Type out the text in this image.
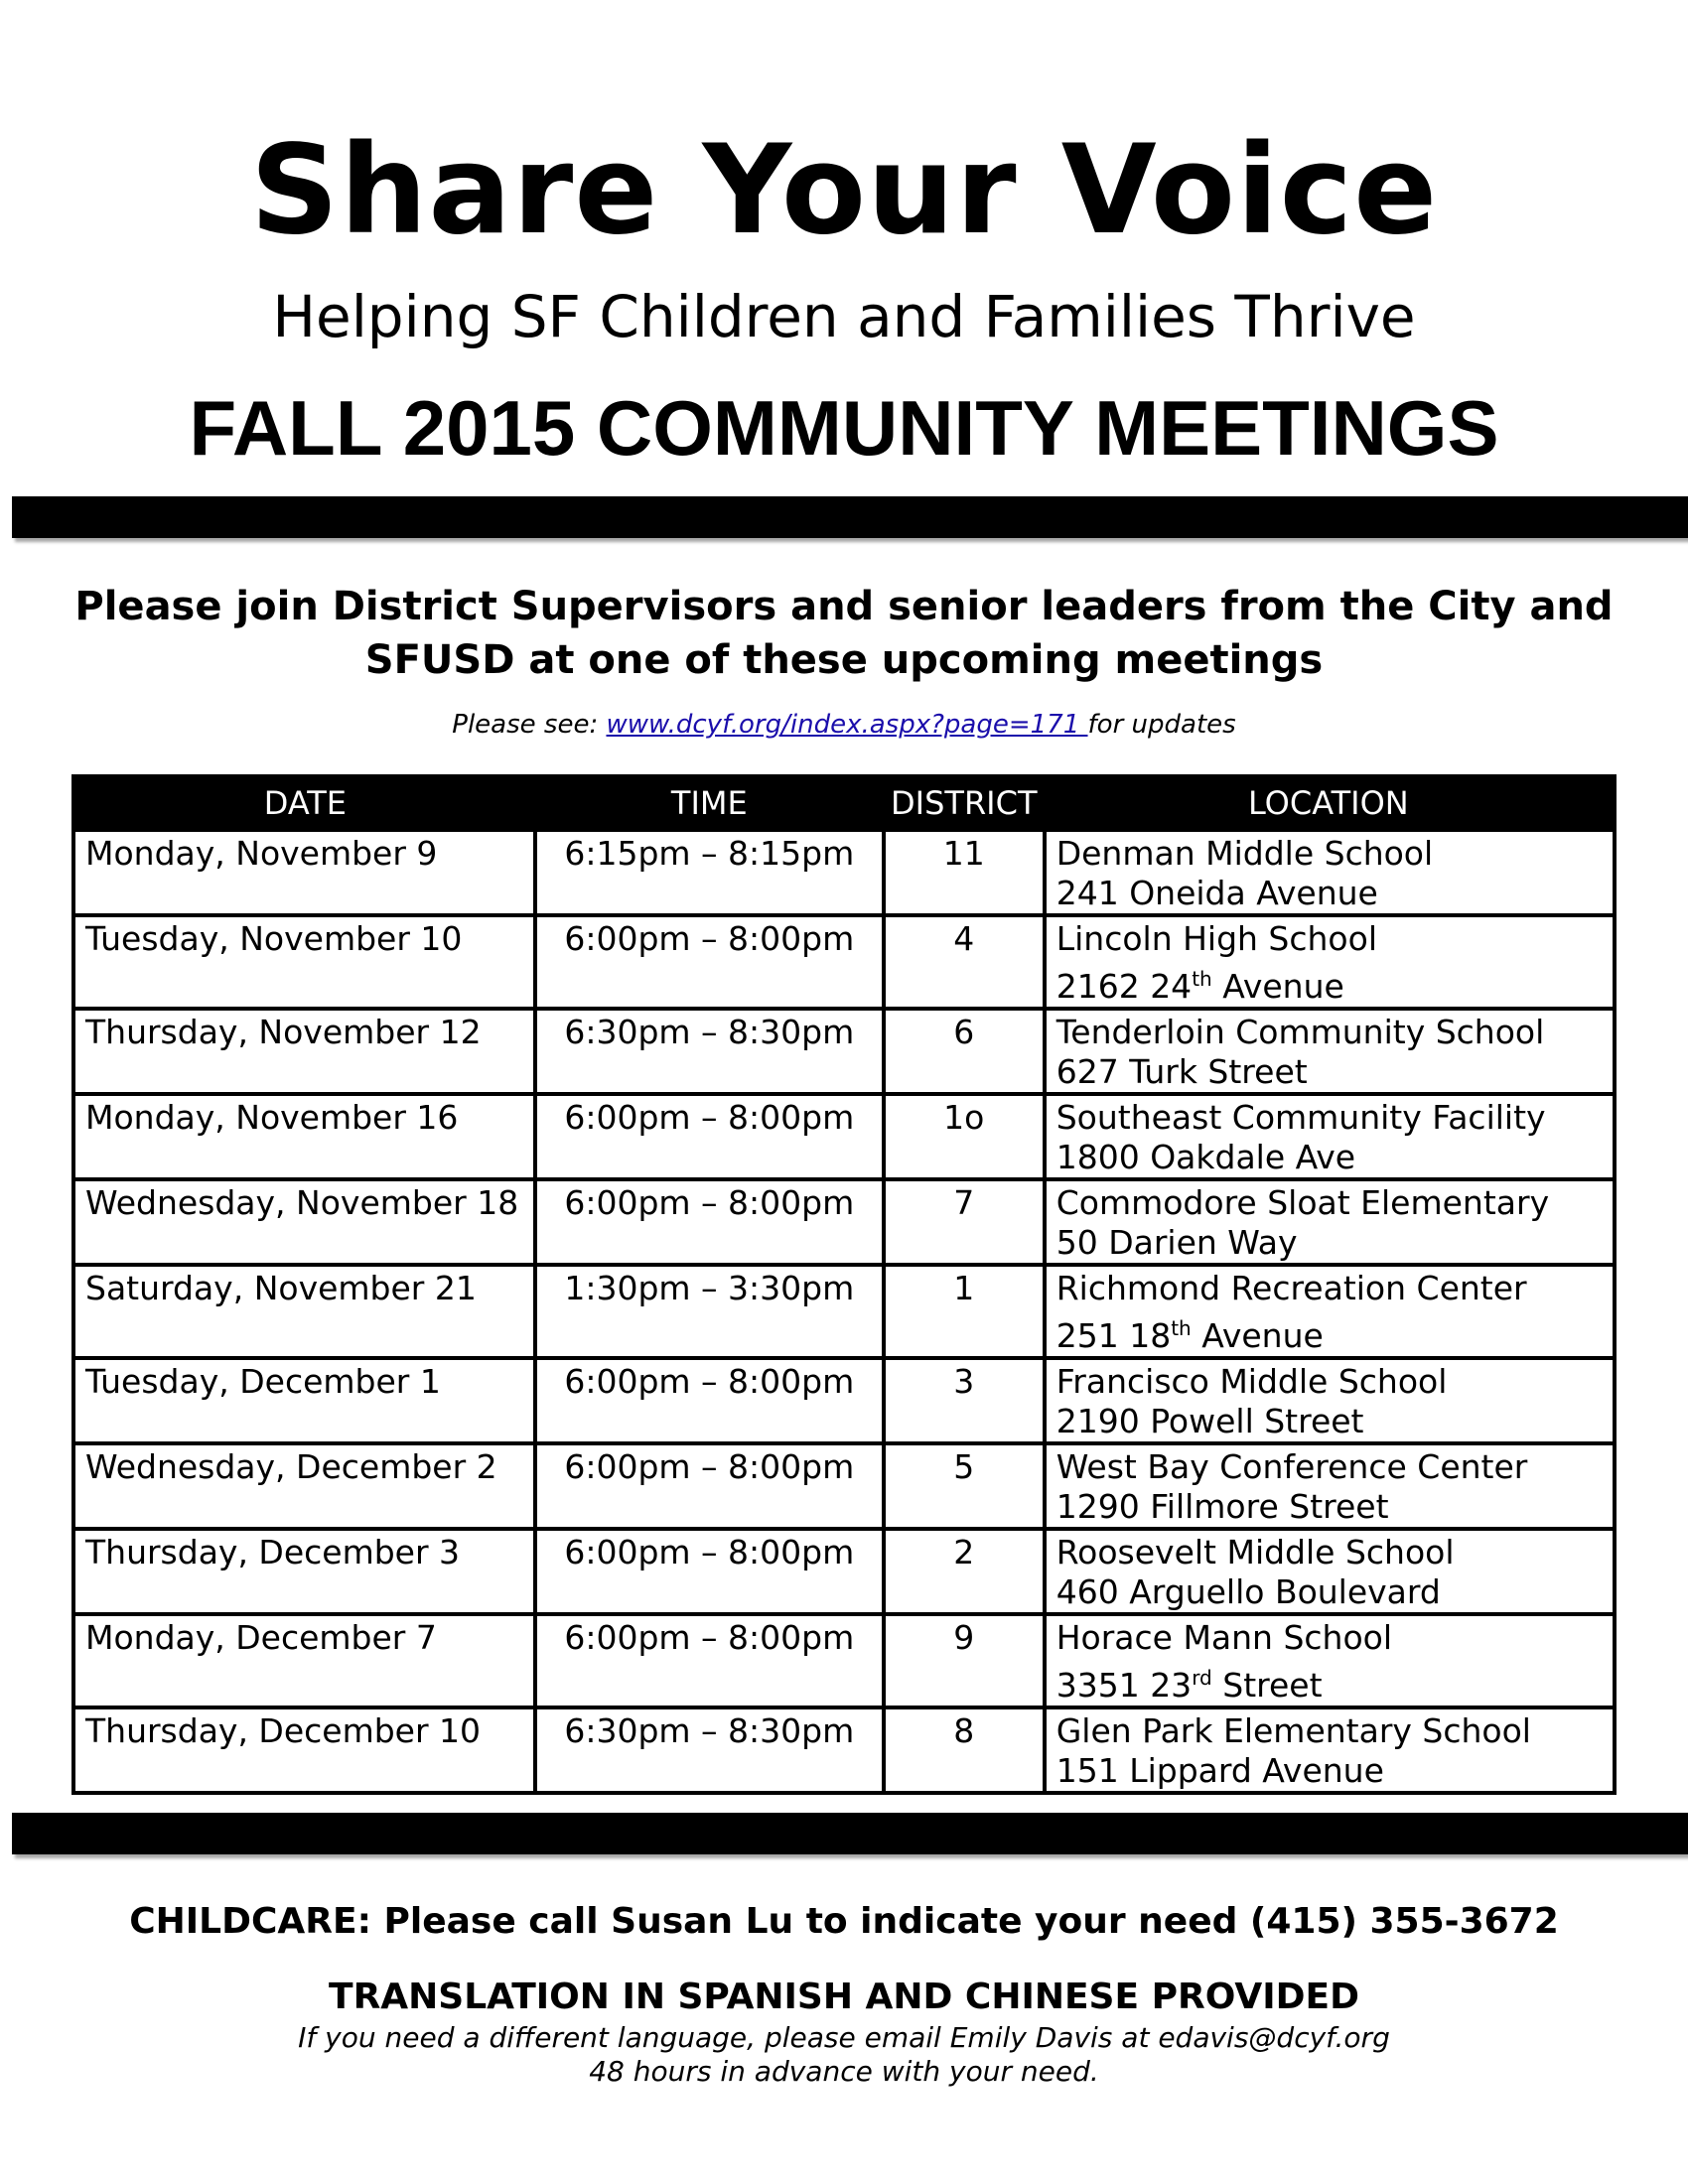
Share Your Voice
Helping SF Children and Families Thrive
FALL 2015 COMMUNITY MEETINGS
Please join District Supervisors and senior leaders from the City and
SFUSD at one of these upcoming meetings
Please see: www.dcyf.org/index.aspx?page=171 for updates
DATE	TIME	DISTRICT	LOCATION
Monday, November 9	6:15pm – 8:15pm	11	Denman Middle School
241 Oneida Avenue

Tuesday, November 10	6:00pm – 8:00pm	4	Lincoln High School
2162 24th Avenue

Thursday, November 12	6:30pm – 8:30pm	6	Tenderloin Community School
627 Turk Street

Monday, November 16	6:00pm – 8:00pm	1o	Southeast Community Facility
1800 Oakdale Ave

Wednesday, November 18	6:00pm – 8:00pm	7	Commodore Sloat Elementary
50 Darien Way

Saturday, November 21	1:30pm – 3:30pm	1	Richmond Recreation Center
251 18th Avenue

Tuesday, December 1	6:00pm – 8:00pm	3	Francisco Middle School
2190 Powell Street

Wednesday, December 2	6:00pm – 8:00pm	5	West Bay Conference Center
1290 Fillmore Street

Thursday, December 3	6:00pm – 8:00pm	2	Roosevelt Middle School
460 Arguello Boulevard

Monday, December 7	6:00pm – 8:00pm	9	Horace Mann School
3351 23rd Street

Thursday, December 10	6:30pm – 8:30pm	8	Glen Park Elementary School
151 Lippard Avenue
CHILDCARE: Please call Susan Lu to indicate your need (415) 355-3672
TRANSLATION IN SPANISH AND CHINESE PROVIDED
If you need a different language, please email Emily Davis at edavis@dcyf.org
48 hours in advance with your need.
